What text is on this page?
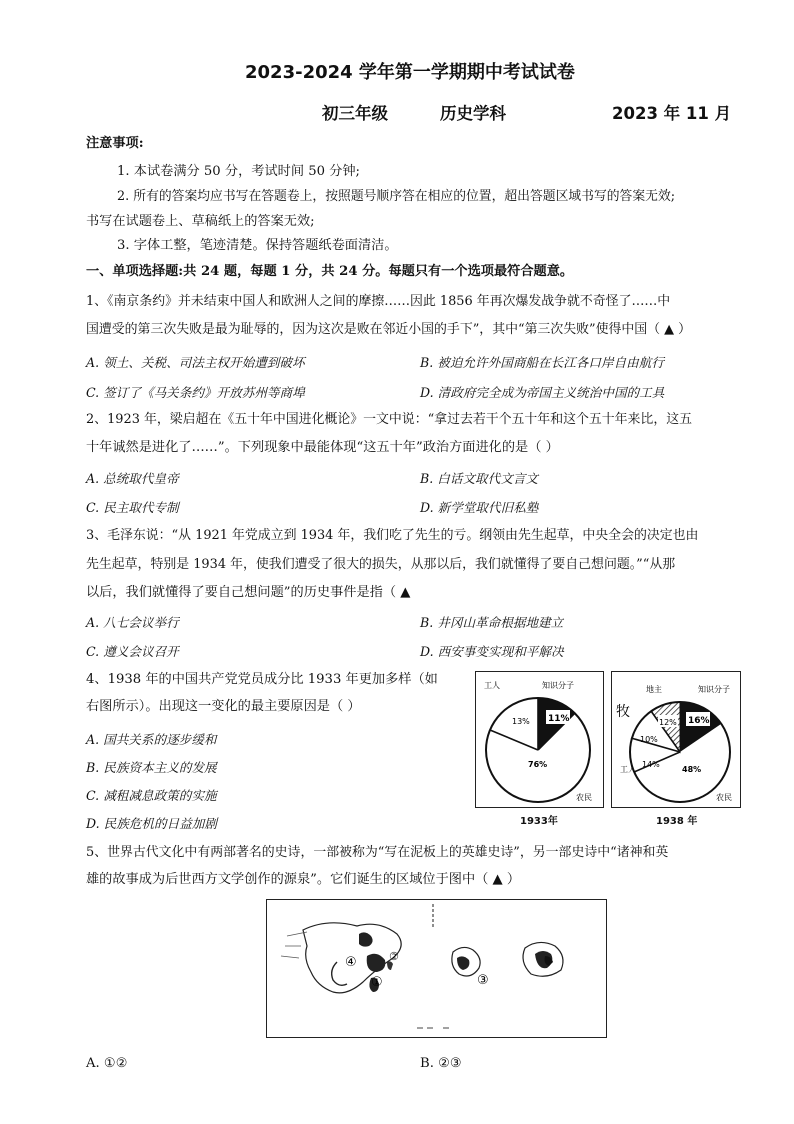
2023-2024 学年第一学期期中考试试卷
初三年级	历史学科	2023 年 11 月
注意事项:
1. 本试卷满分 50 分，考试时间 50 分钟;
2. 所有的答案均应书写在答题卷上，按照题号顺序答在相应的位置，超出答题区域书写的答案无效;
书写在试题卷上、草稿纸上的答案无效;
3. 字体工整，笔迹清楚。保持答题纸卷面清洁。
一、单项选择题:共 24 题，每题 1 分，共 24 分。每题只有一个选项最符合题意。
1、《南京条约》并未结束中国人和欧洲人之间的摩擦……因此 1856 年再次爆发战争就不奇怪了……中
国遭受的第三次失败是最为耻辱的，因为这次是败在邻近小国的手下”，其中“第三次失败”使得中国（ ▲ ）
A. 领土、关税、司法主权开始遭到破坏	B. 被迫允许外国商船在长江各口岸自由航行
C. 签订了《马关条约》开放苏州等商埠	D. 清政府完全成为帝国主义统治中国的工具
2、1923 年，梁启超在《五十年中国进化概论》一文中说：“拿过去若干个五十年和这个五十年来比，这五
十年诚然是进化了……”。下列现象中最能体现“这五十年”政治方面进化的是（ ）
A. 总统取代皇帝	B. 白话文取代文言文
C. 民主取代专制	D. 新学堂取代旧私塾
3、毛泽东说：“从 1921 年党成立到 1934 年，我们吃了先生的亏。纲领由先生起草，中央全会的决定也由
先生起草，特别是 1934 年，使我们遭受了很大的损失，从那以后，我们就懂得了要自己想问题。”“从那
以后，我们就懂得了要自己想问题”的历史事件是指（ ▲
A. 八七会议举行	B. 井冈山革命根据地建立
C. 遵义会议召开	D. 西安事变实现和平解决
4、1938 年的中国共产党党员成分比 1933 年更加多样（如
右图所示）。出现这一变化的最主要原因是（ ）
A. 国共关系的逐步缓和
B. 民族资本主义的发展
C. 减租减息政策的实施
D. 民族危机的日益加剧
11%
13%
76%
工人	知识分子
农民
1933年
16%
12%
10%
14%
48%
地主	知识分子
牧
工人
农民
1938 年
5、世界古代文化中有两部著名的史诗，一部被称为“写在泥板上的英雄史诗”，另一部史诗中“诸神和英
雄的故事成为后世西方文学创作的源泉”。它们诞生的区域位于图中（ ▲ ）
④
①
②
③
A. ①②	B. ②③
